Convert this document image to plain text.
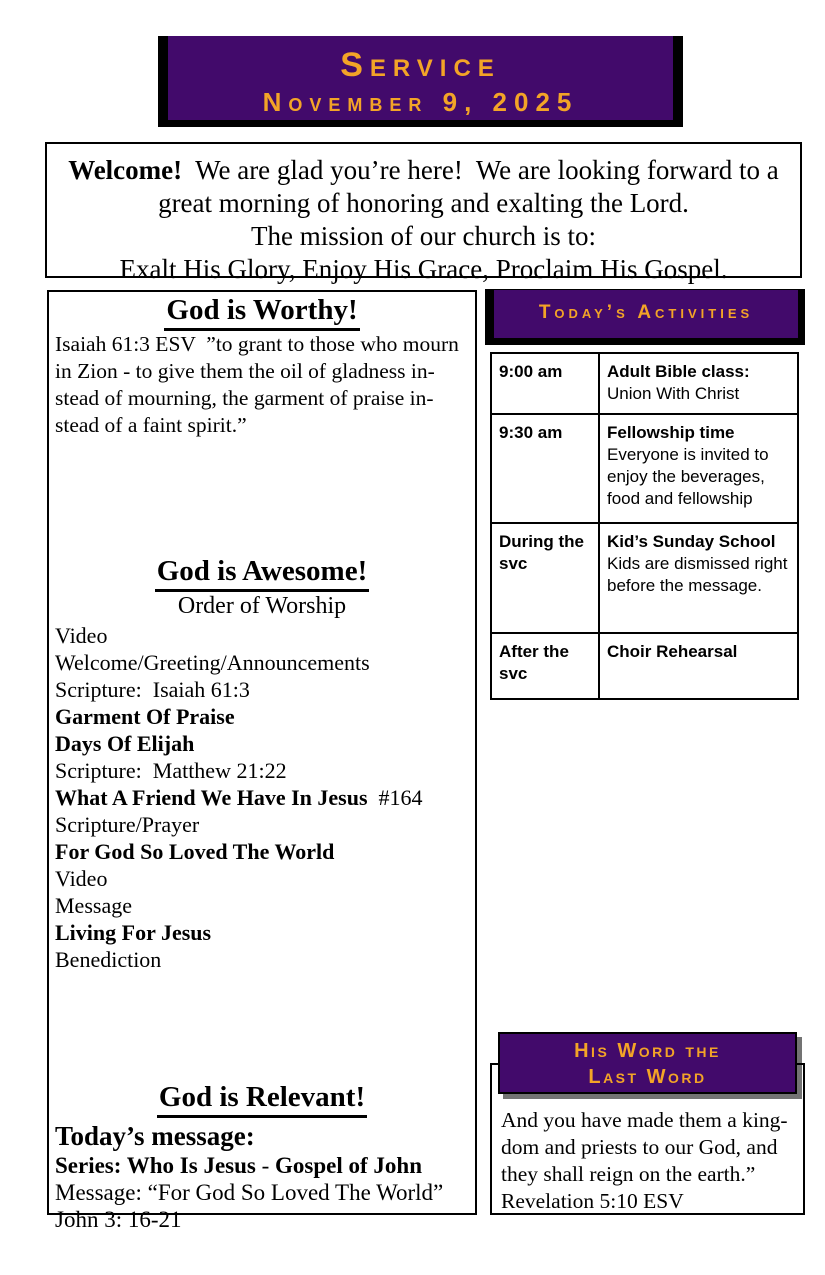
Service
November 9, 2025
Welcome!  We are glad you’re here!  We are looking forward to a
great morning of honoring and exalting the Lord.
The mission of our church is to:
Exalt His Glory, Enjoy His Grace, Proclaim His Gospel.
God is Worthy!
Isaiah 61:3 ESV  ”to grant to those who mourn
in Zion - to give them the oil of gladness in-
stead of mourning, the garment of praise in-
stead of a faint spirit.”
God is Awesome!
Order of Worship
Video
Welcome/Greeting/Announcements
Scripture:  Isaiah 61:3
Garment Of Praise
Days Of Elijah
Scripture:  Matthew 21:22
What A Friend We Have In Jesus  #164
Scripture/Prayer
For God So Loved The World
Video
Message
Living For Jesus
Benediction
God is Relevant!
Today’s message:
Series: Who Is Jesus - Gospel of John
Message: “For God So Loved The World”
John 3: 16-21
Today’s Activities
9:00 am	Adult Bible class:
Union With Christ

9:30 am	Fellowship time
Everyone is invited to enjoy the beverages, food and fellowship

During the svc	Kid’s Sunday School
Kids are dismissed right before the message.

After the svc	Choir Rehearsal
His Word the
Last Word
And you have made them a king-
dom and priests to our God, and
they shall reign on the earth.”
Revelation 5:10 ESV
